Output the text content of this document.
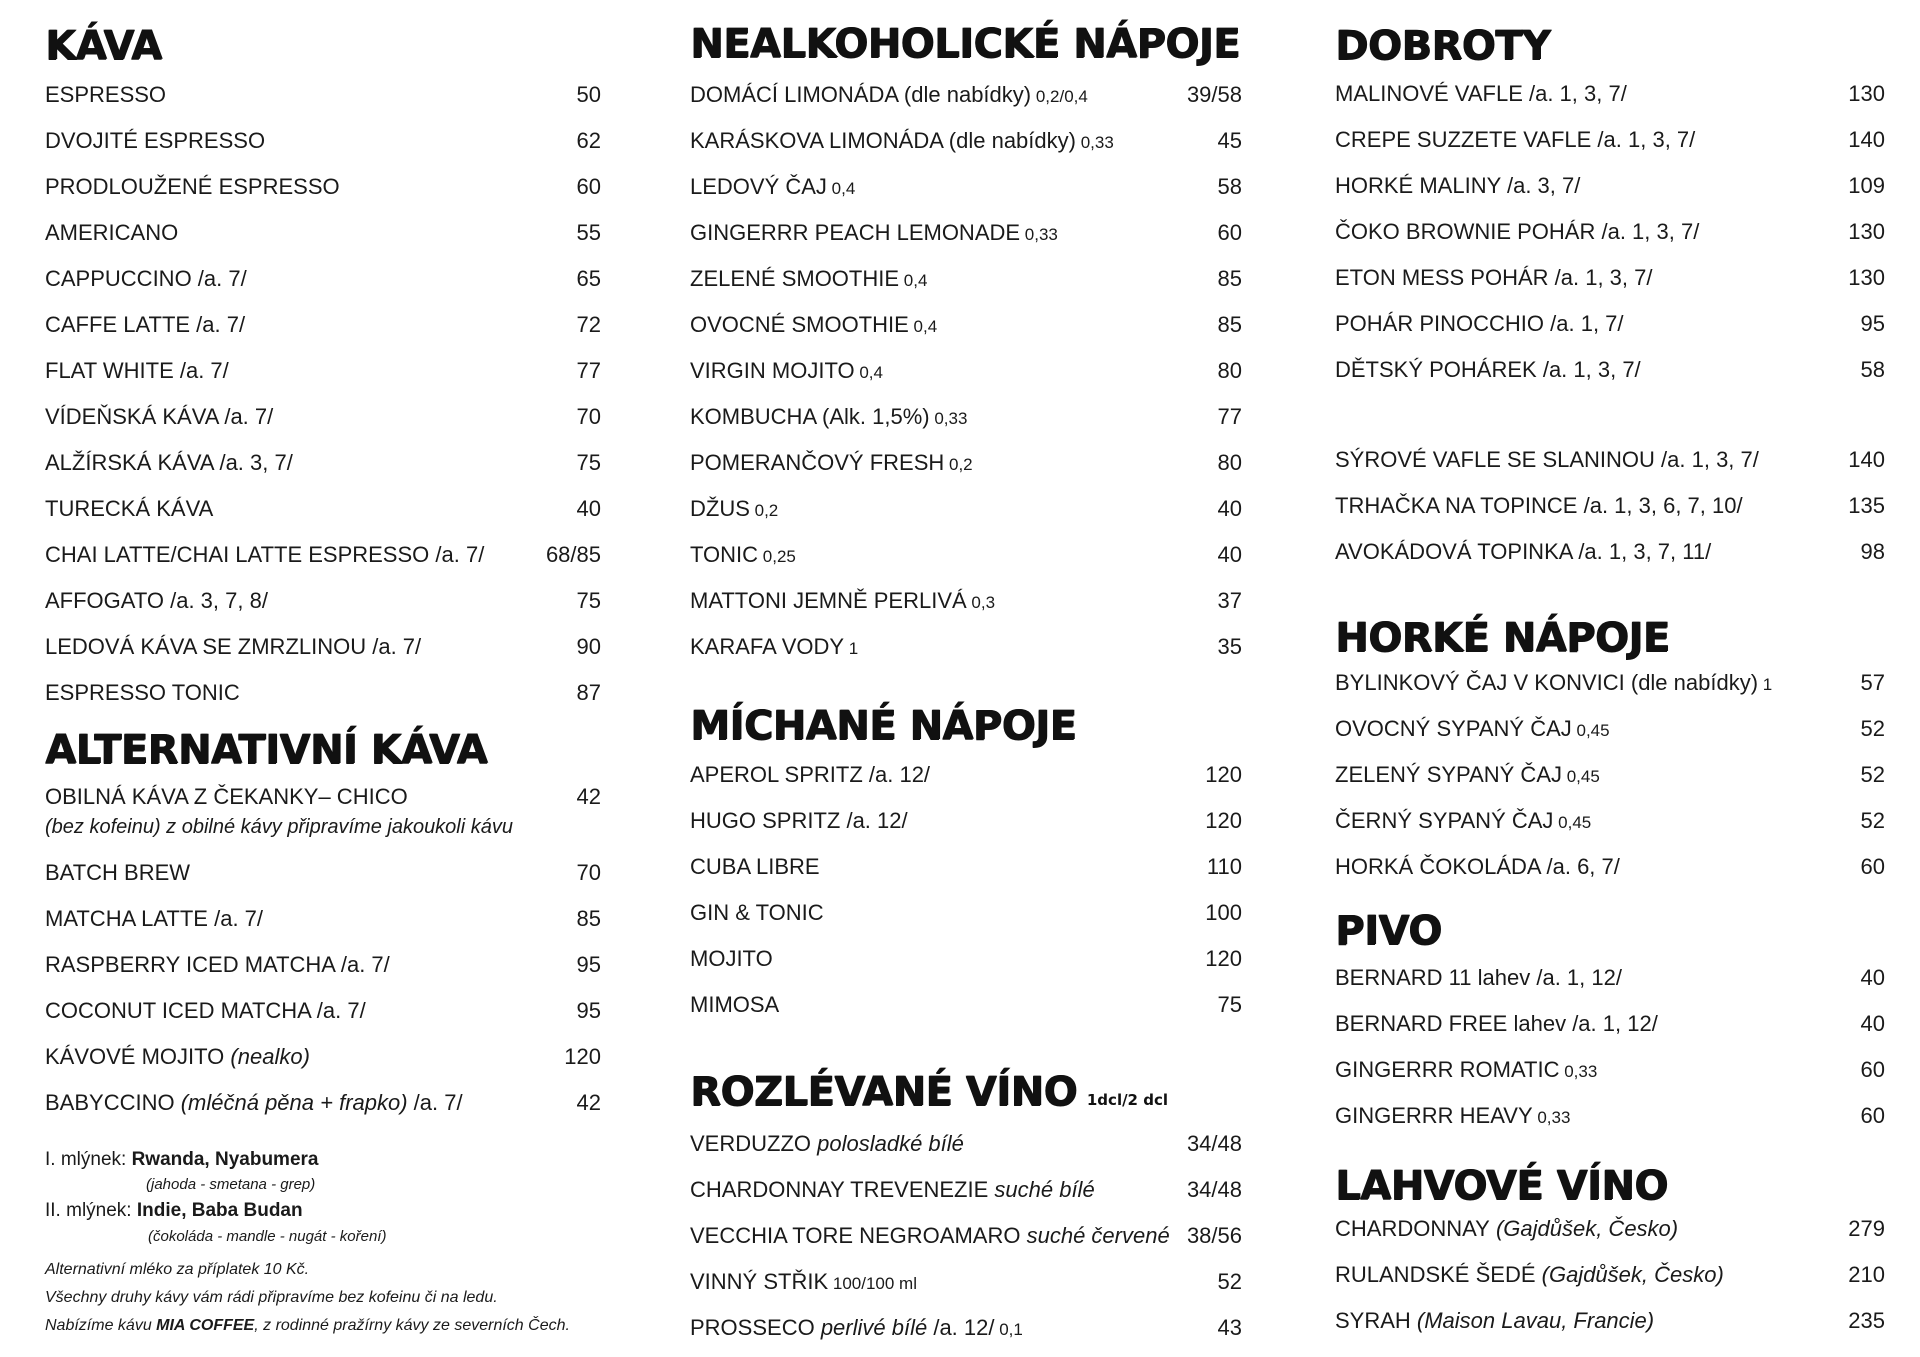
KÁVA
ESPRESSO	50
DVOJITÉ ESPRESSO	62
PRODLOUŽENÉ ESPRESSO	60
AMERICANO	55
CAPPUCCINO /a. 7/	65
CAFFE LATTE /a. 7/	72
FLAT WHITE /a. 7/	77
VÍDEŇSKÁ KÁVA /a. 7/	70
ALŽÍRSKÁ KÁVA /a. 3, 7/	75
TURECKÁ KÁVA	40
CHAI LATTE/CHAI LATTE ESPRESSO /a. 7/	68/85
AFFOGATO /a. 3, 7, 8/	75
LEDOVÁ KÁVA SE ZMRZLINOU /a. 7/	90
ESPRESSO TONIC	87
ALTERNATIVNÍ KÁVA
OBILNÁ KÁVA Z ČEKANKY– CHICO	42
(bez kofeinu) z obilné kávy připravíme jakoukoli kávu
BATCH BREW	70
MATCHA LATTE /a. 7/	85
RASPBERRY ICED MATCHA /a. 7/	95
COCONUT ICED MATCHA /a. 7/	95
KÁVOVÉ MOJITO (nealko)	120
BABYCCINO (mléčná pěna + frapko) /a. 7/	42
I. mlýnek: Rwanda, Nyabumera
(jahoda - smetana - grep)
II. mlýnek: Indie, Baba Budan
(čokoláda - mandle - nugát - koření)
Alternativní mléko za příplatek 10 Kč.
Všechny druhy kávy vám rádi připravíme bez kofeinu či na ledu.
Nabízíme kávu MIA COFFEE, z rodinné pražírny kávy ze severních Čech.
NEALKOHOLICKÉ NÁPOJE
DOMÁCÍ LIMONÁDA (dle nabídky) 0,2/0,4	39/58
KARÁSKOVA LIMONÁDA (dle nabídky) 0,33	45
LEDOVÝ ČAJ 0,4	58
GINGERRR PEACH LEMONADE 0,33	60
ZELENÉ SMOOTHIE 0,4	85
OVOCNÉ SMOOTHIE 0,4	85
VIRGIN MOJITO 0,4	80
KOMBUCHA (Alk. 1,5%) 0,33	77
POMERANČOVÝ FRESH 0,2	80
DŽUS 0,2	40
TONIC 0,25	40
MATTONI JEMNĚ PERLIVÁ 0,3	37
KARAFA VODY 1	35
MÍCHANÉ NÁPOJE
APEROL SPRITZ /a. 12/	120
HUGO SPRITZ /a. 12/	120
CUBA LIBRE	110
GIN & TONIC	100
MOJITO	120
MIMOSA	75
ROZLÉVANÉ VÍNO 1dcl/2 dcl
VERDUZZO polosladké bílé	34/48
CHARDONNAY TREVENEZIE suché bílé	34/48
VECCHIA TORE NEGROAMARO suché červené 38/56
VINNÝ STŘIK 100/100 ml	52
PROSSECO perlivé bílé /a. 12/ 0,1	43
DOBROTY
MALINOVÉ VAFLE /a. 1, 3, 7/	130
CREPE SUZZETE VAFLE /a. 1, 3, 7/	140
HORKÉ MALINY /a. 3, 7/	109
ČOKO BROWNIE POHÁR /a. 1, 3, 7/	130
ETON MESS POHÁR /a. 1, 3, 7/	130
POHÁR PINOCCHIO /a. 1, 7/	95
DĚTSKÝ POHÁREK /a. 1, 3, 7/	58
SÝROVÉ VAFLE SE SLANINOU /a. 1, 3, 7/	140
TRHAČKA NA TOPINCE /a. 1, 3, 6, 7, 10/	135
AVOKÁDOVÁ TOPINKA /a. 1, 3, 7, 11/	98
HORKÉ NÁPOJE
BYLINKOVÝ ČAJ V KONVICI (dle nabídky) 1	57
OVOCNÝ SYPANÝ ČAJ 0,45	52
ZELENÝ SYPANÝ ČAJ 0,45	52
ČERNÝ SYPANÝ ČAJ 0,45	52
HORKÁ ČOKOLÁDA /a. 6, 7/	60
PIVO
BERNARD 11 lahev /a. 1, 12/	40
BERNARD FREE lahev /a. 1, 12/	40
GINGERRR ROMATIC 0,33	60
GINGERRR HEAVY 0,33	60
LAHVOVÉ VÍNO
CHARDONNAY (Gajdůšek, Česko)	279
RULANDSKÉ ŠEDÉ (Gajdůšek, Česko)	210
SYRAH (Maison Lavau, Francie)	235
